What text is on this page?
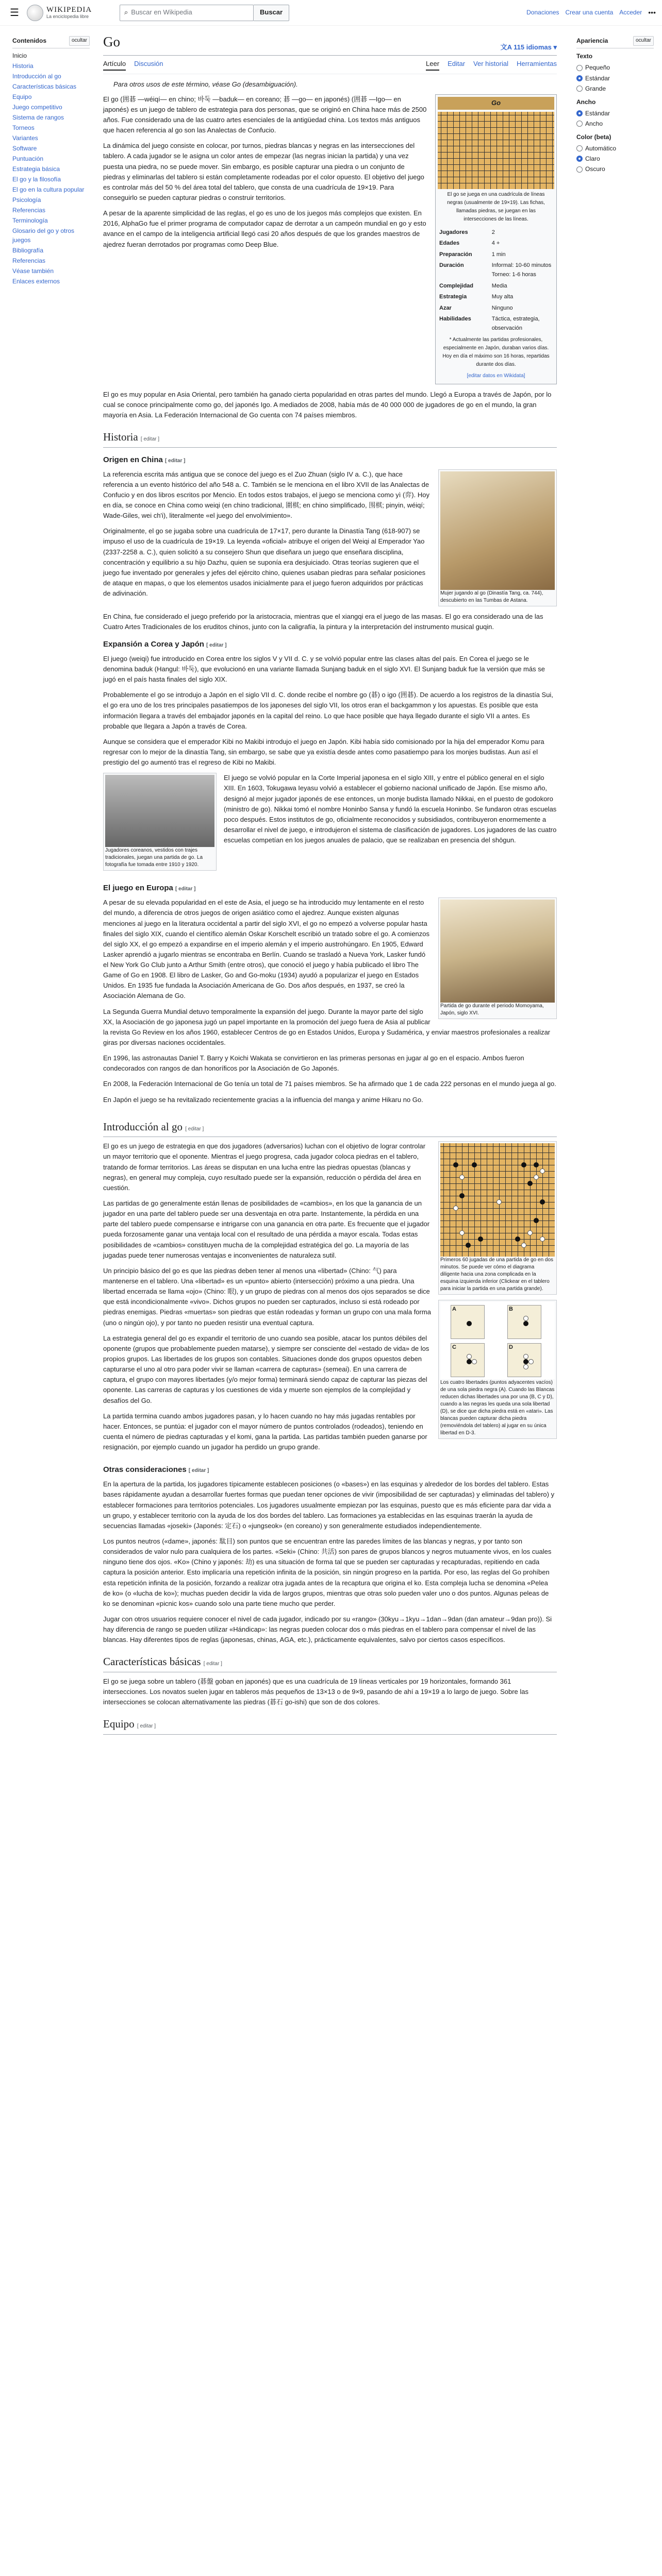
☰	WIKIPEDIA
La enciclopedia libre
⌕ Buscar en Wikipedia	Buscar	Donaciones Crear una cuenta Acceder •••
Contenidos	ocultar
Inicio
Historia
Introducción al go
Características básicas
Equipo
Juego competitivo
Sistema de rangos
Torneos
Variantes
Software
Puntuación
Estrategia básica
El go y la filosofía
El go en la cultura popular
Psicología
Referencias
Terminología
Glosario del go y otros juegos
Bibliografía
Referencias
Véase también
Enlaces externos
Apariencia	ocultar
Texto
Pequeño
Estándar
Grande
Ancho
Estándar
Ancho
Color (beta)
Automático
Claro
Oscuro
Go	文A 115 idiomas ▾
Artículo Discusión	Leer Editar Ver historial Herramientas
Para otros usos de este término, véase Go (desambiguación).
Go
El go se juega en una cuadrícula de líneas negras (usualmente de 19×19). Las fichas, llamadas piedras, se juegan en las intersecciones de las líneas.
Jugadores	2
Edades	4 +
Preparación	1 min
Duración	Informal: 10-60 minutos Torneo: 1-6 horas
Complejidad	Media
Estrategia	Muy alta
Azar	Ninguno
Habilidades	Táctica, estrategia, observación
* Actualmente las partidas profesionales, especialmente en Japón, duraban varios días. Hoy en día el máximo son 16 horas, repartidas durante dos días.
[editar datos en Wikidata]

El go (囲碁 —wéiqí— en chino; 바둑 —baduk— en coreano; 碁 —go— en japonés) (囲碁 —Igo— en japonés) es un juego de tablero de estrategia para dos personas, que se originó en China hace más de 2500 años. Fue considerado una de las cuatro artes esenciales de la antigüedad china. Los textos más antiguos que hacen referencia al go son las Analectas de Confucio.

La dinámica del juego consiste en colocar, por turnos, piedras blancas y negras en las intersecciones del tablero. A cada jugador se le asigna un color antes de empezar (las negras inician la partida) y una vez puesta una piedra, no se puede mover. Sin embargo, es posible capturar una piedra o un conjunto de piedras y eliminarlas del tablero si están completamente rodeadas por el color opuesto. El objetivo del juego es controlar más del 50 % del área total del tablero, que consta de una cuadrícula de 19×19. Para conseguirlo se pueden capturar piedras o construir territorios.

A pesar de la aparente simplicidad de las reglas, el go es uno de los juegos más complejos que existen. En 2016, AlphaGo fue el primer programa de computador capaz de derrotar a un campeón mundial en go y esto avance en el campo de la inteligencia artificial llegó casi 20 años después de que los grandes maestros de ajedrez fueran derrotados por programas como Deep Blue.

El go es muy popular en Asia Oriental, pero también ha ganado cierta popularidad en otras partes del mundo. Llegó a Europa a través de Japón, por lo cual se conoce principalmente como go, del japonés Igo. A mediados de 2008, había más de 40 000 000 de jugadores de go en el mundo, la gran mayoría en Asia. La Federación Internacional de Go cuenta con 74 países miembros.

Historia [ editar ]
Origen en China [ editar ]
Mujer jugando al go (Dinastía Tang, ca. 744), descubierto en las Tumbas de Astana.

La referencia escrita más antigua que se conoce del juego es el Zuo Zhuan (siglo IV a. C.), que hace referencia a un evento histórico del año 548 a. C. También se le menciona en el libro XVII de las Analectas de Confucio y en dos libros escritos por Mencio. En todos estos trabajos, el juego se menciona como yì (弈). Hoy en día, se conoce en China como weiqi (en chino tradicional, 圍棋; en chino simplificado, 围棋; pinyin, wéiqí; Wade-Giles, wei ch'i), literalmente «el juego del envolvimiento».

Originalmente, el go se jugaba sobre una cuadrícula de 17×17, pero durante la Dinastía Tang (618-907) se impuso el uso de la cuadrícula de 19×19. La leyenda «oficial» atribuye el origen del Weiqi al Emperador Yao (2337-2258 a. C.), quien solicitó a su consejero Shun que diseñara un juego que enseñara disciplina, concentración y equilibrio a su hijo Dazhu, quien se suponía era desjuiciado. Otras teorías sugieren que el juego fue inventado por generales y jefes del ejército chino, quienes usaban piedras para señalar posiciones de ataque en mapas, o que los elementos usados inicialmente para el juego fueron adquiridos por prácticas de adivinación.

En China, fue considerado el juego preferido por la aristocracia, mientras que el xiangqi era el juego de las masas. El go era considerado una de las Cuatro Artes Tradicionales de los eruditos chinos, junto con la caligrafía, la pintura y la interpretación del instrumento musical guqin.

Expansión a Corea y Japón [ editar ]

El juego (weiqi) fue introducido en Corea entre los siglos V y VII d. C. y se volvió popular entre las clases altas del país. En Corea el juego se le denomina baduk (Hangul: 바둑), que evolucionó en una variante llamada Sunjang baduk en el siglo XVI. El Sunjang baduk fue la versión que más se jugó en el país hasta finales del siglo XIX.

Probablemente el go se introdujo a Japón en el siglo VII d. C. donde recibe el nombre go (碁) o igo (囲碁). De acuerdo a los registros de la dinastía Sui, el go era uno de los tres principales pasatiempos de los japoneses del siglo VII, los otros eran el backgammon y los apuestas. Es posible que esta información llegara a través del embajador japonés en la capital del reino. Lo que hace posible que haya llegado durante el siglo VII a antes. Es probable que llegara a Japón a través de Corea.

Aunque se considera que el emperador Kibi no Makibi introdujo el juego en Japón. Kibi había sido comisionado por la hija del emperador Komu para regresar con lo mejor de la dinastía Tang, sin embargo, se sabe que ya existía desde antes como pasatiempo para los monjes budistas. Aun así el prestigio del go aumentó tras el regreso de Kibi no Makibi.

Jugadores coreanos, vestidos con trajes tradicionales, juegan una partida de go. La fotografía fue tomada entre 1910 y 1920.

El juego se volvió popular en la Corte Imperial japonesa en el siglo XIII, y entre el público general en el siglo XIII. En 1603, Tokugawa Ieyasu volvió a establecer el gobierno nacional unificado de Japón. Ese mismo año, designó al mejor jugador japonés de ese entonces, un monje budista llamado Nikkai, en el puesto de godokoro (ministro de go). Nikkai tomó el nombre Honinbo Sansa y fundó la escuela Honinbo. Se fundaron otras escuelas poco después. Estos institutos de go, oficialmente reconocidos y subsidiados, contribuyeron enormemente a desarrollar el nivel de juego, e introdujeron el sistema de clasificación de jugadores. Los jugadores de las cuatro escuelas competían en los juegos anuales de palacio, que se realizaban en presencia del shōgun.

El juego en Europa [ editar ]
Partida de go durante el periodo Momoyama, Japón, siglo XVI.

A pesar de su elevada popularidad en el este de Asia, el juego se ha introducido muy lentamente en el resto del mundo, a diferencia de otros juegos de origen asiático como el ajedrez. Aunque existen algunas menciones al juego en la literatura occidental a partir del siglo XVI, el go no empezó a volverse popular hasta finales del siglo XIX, cuando el científico alemán Oskar Korschelt escribió un tratado sobre el go. A comienzos del siglo XX, el go empezó a expandirse en el imperio alemán y el imperio austrohúngaro. En 1905, Edward Lasker aprendió a jugarlo mientras se encontraba en Berlín. Cuando se trasladó a Nueva York, Lasker fundó el New York Go Club junto a Arthur Smith (entre otros), que conoció el juego y había publicado el libro The Game of Go en 1908. El libro de Lasker, Go and Go-moku (1934) ayudó a popularizar el juego en Estados Unidos. En 1935 fue fundada la Asociación Americana de Go. Dos años después, en 1937, se creó la Asociación Alemana de Go.

La Segunda Guerra Mundial detuvo temporalmente la expansión del juego. Durante la mayor parte del siglo XX, la Asociación de go japonesa jugó un papel importante en la promoción del juego fuera de Asia al publicar la revista Go Review en los años 1960, establecer Centros de go en Estados Unidos, Europa y Sudamérica, y enviar maestros profesionales a realizar giras por diversas naciones occidentales.

En 1996, las astronautas Daniel T. Barry y Koichi Wakata se convirtieron en las primeras personas en jugar al go en el espacio. Ambos fueron condecorados con rangos de dan honoríficos por la Asociación de Go Japonés.

En 2008, la Federación Internacional de Go tenía un total de 71 países miembros. Se ha afirmado que 1 de cada 222 personas en el mundo juega al go.

En Japón el juego se ha revitalizado recientemente gracias a la influencia del manga y anime Hikaru no Go.

Introducción al go [ editar ]
Primeros 60 jugadas de una partida de go en dos minutos. Se puede ver cómo el diagrama diligente hacia una zona complicada en la esquina izquierda inferior (Clickear en el tablero para iniciar la partida en una partida grande).
A	B
C	D
Los cuatro libertades (puntos adyacentes vacíos) de una sola piedra negra (A). Cuando las Blancas reducen dichas libertades una por una (B, C y D), cuando a las negras les queda una sola libertad (D), se dice que dicha piedra está en «atari». Las blancas pueden capturar dicha piedra (removiéndola del tablero) al jugar en su única libertad en D-3.

El go es un juego de estrategia en que dos jugadores (adversarios) luchan con el objetivo de lograr controlar un mayor territorio que el oponente. Mientras el juego progresa, cada jugador coloca piedras en el tablero, tratando de formar territorios. Las áreas se disputan en una lucha entre las piedras opuestas (blancas y negras), en general muy compleja, cuyo resultado puede ser la expansión, reducción o pérdida del área en cuestión.

Las partidas de go generalmente están llenas de posibilidades de «cambios», en los que la ganancia de un jugador en una parte del tablero puede ser una desventaja en otra parte. Instantemente, la pérdida en una parte del tablero puede compensarse e intrigarse con una ganancia en otra parte. Es frecuente que el jugador pueda forzosamente ganar una ventaja local con el resultado de una pérdida a mayor escala. Todas estas posibilidades de «cambios» constituyen mucha de la complejidad estratégica del go. La mayoría de las jugadas puede tener numerosas ventajas e inconvenientes de naturaleza sutil.

Un principio básico del go es que las piedras deben tener al menos una «libertad» (Chino: 气) para mantenerse en el tablero. Una «libertad» es un «punto» abierto (intersección) próximo a una piedra. Una libertad encerrada se llama «ojo» (Chino: 眼), y un grupo de piedras con al menos dos ojos separados se dice que está incondicionalmente «vivo». Dichos grupos no pueden ser capturados, incluso si está rodeado por piedras enemigas. Piedras «muertas» son piedras que están rodeadas y forman un grupo con una mala forma (uno o ningún ojo), y por tanto no pueden resistir una eventual captura.

La estrategia general del go es expandir el territorio de uno cuando sea posible, atacar los puntos débiles del oponente (grupos que probablemente pueden matarse), y siempre ser consciente del «estado de vida» de los propios grupos. Las libertades de los grupos son contables. Situaciones donde dos grupos opuestos deben capturarse el uno al otro para poder vivir se llaman «carrera de capturas» (semeai). En una carrera de captura, el grupo con mayores libertades (y/o mejor forma) terminará siendo capaz de capturar las piezas del oponente. Las carreras de capturas y los cuestiones de vida y muerte son ejemplos de la complejidad y desafíos del Go.

La partida termina cuando ambos jugadores pasan, y lo hacen cuando no hay más jugadas rentables por hacer. Entonces, se puntúa: el jugador con el mayor número de puntos controlados (rodeados), teniendo en cuenta el número de piedras capturadas y el komi, gana la partida. Las partidas también pueden ganarse por resignación, por ejemplo cuando un jugador ha perdido un grupo grande.

Otras consideraciones [ editar ]

En la apertura de la partida, los jugadores típicamente establecen posiciones (o «bases») en las esquinas y alrededor de los bordes del tablero. Estas bases rápidamente ayudan a desarrollar fuertes formas que puedan tener opciones de vivir (imposibilidad de ser capturadas) y eliminadas del tablero) y establecer formaciones para territorios potenciales. Los jugadores usualmente empiezan por las esquinas, puesto que es más eficiente para dar vida a un grupo, y establecer territorio con la ayuda de los dos bordes del tablero. Las formaciones ya establecidas en las esquinas traerán la ayuda de secuencias llamadas «joseki» (Japonés: 定石) o «jungseok» (en coreano) y son generalmente estudiados independientemente.

Los puntos neutros («dame», japonés: 駄目) son puntos que se encuentran entre las paredes límites de las blancas y negras, y por tanto son considerados de valor nulo para cualquiera de los partes. «Seki» (Chino: 共活) son pares de grupos blancos y negros mutuamente vivos, en los cuales ninguno tiene dos ojos. «Ko» (Chino y japonés: 劫) es una situación de forma tal que se pueden ser capturadas y recapturadas, repitiendo en cada captura la posición anterior. Esto implicaría una repetición infinita de la posición, sin ningún progreso en la partida. Por eso, las reglas del Go prohíben esta repetición infinita de la posición, forzando a realizar otra jugada antes de la recaptura que origina el ko. Esta compleja lucha se denomina «Pelea de ko» (o «lucha de ko»); muchas pueden decidir la vida de largos grupos, mientras que otras solo pueden valer uno o dos puntos. Algunas peleas de ko se denominan «picnic kos» cuando solo una parte tiene mucho que perder.

Jugar con otros usuarios requiere conocer el nivel de cada jugador, indicado por su «rango» (30kyu→1kyu→1dan→9dan (dan amateur→9dan pro)). Si hay diferencia de rango se pueden utilizar «Hándicap»: las negras pueden colocar dos o más piedras en el tablero para compensar el nivel de las blancas. Hay diferentes tipos de reglas (japonesas, chinas, AGA, etc.), prácticamente equivalentes, salvo por ciertos casos específicos.

Características básicas [ editar ]

El go se juega sobre un tablero (碁盤 goban en japonés) que es una cuadrícula de 19 líneas verticales por 19 horizontales, formando 361 intersecciones. Los novatos suelen jugar en tableros más pequeños de 13×13 o de 9×9, pasando de ahí a 19×19 a lo largo de juego. Sobre las intersecciones se colocan alternativamente las piedras (碁石 go-ishi) que son de dos colores.

Equipo [ editar ]
